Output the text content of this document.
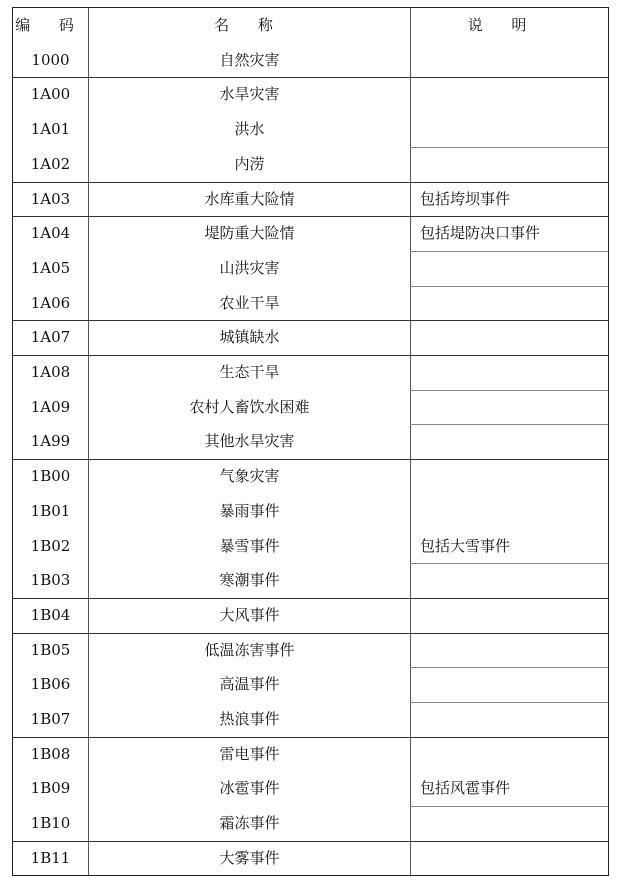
编 码	名 称	说 明
1000	自然灾害
1A00	水旱灾害
1A01	洪水
1A02	内涝
1A03	水库重大险情	包括垮坝事件
1A04	堤防重大险情	包括堤防决口事件
1A05	山洪灾害
1A06	农业干旱
1A07	城镇缺水
1A08	生态干旱
1A09	农村人畜饮水困难
1A99	其他水旱灾害
1B00	气象灾害
1B01	暴雨事件
1B02	暴雪事件	包括大雪事件
1B03	寒潮事件
1B04	大风事件
1B05	低温冻害事件
1B06	高温事件
1B07	热浪事件
1B08	雷电事件
1B09	冰雹事件	包括风雹事件
1B10	霜冻事件
1B11	大雾事件
